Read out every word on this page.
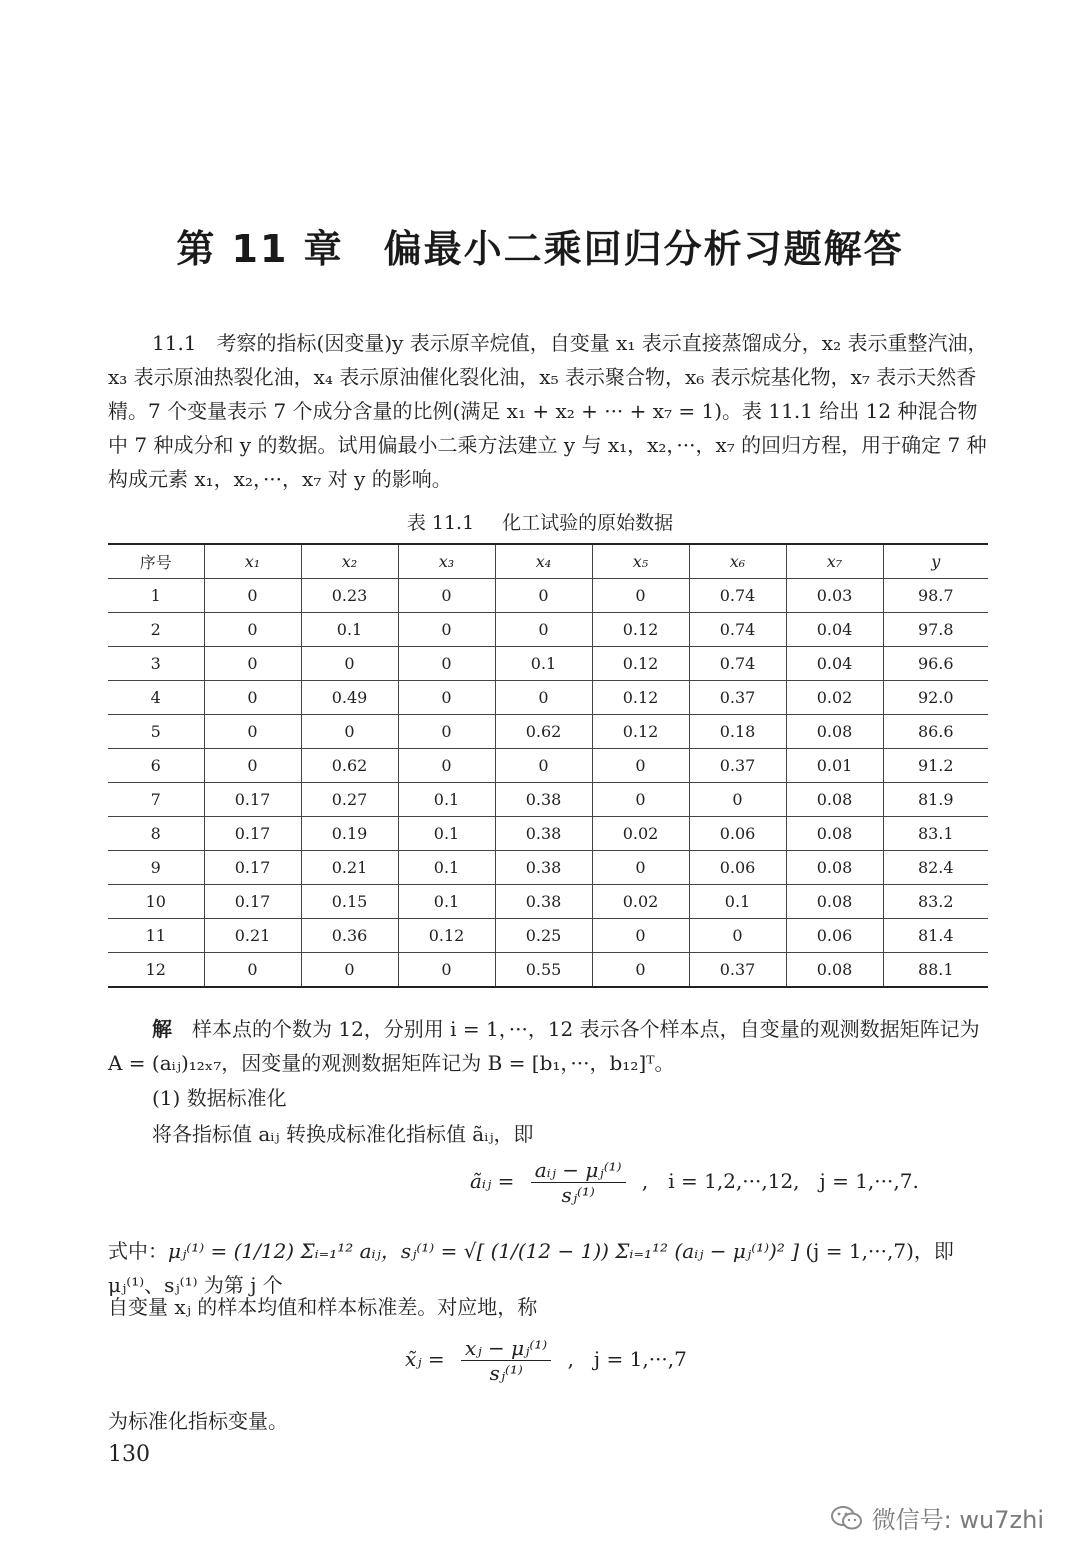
第 11 章 偏最小二乘回归分析习题解答
11.1　考察的指标(因变量)y 表示原辛烷值，自变量 x₁ 表示直接蒸馏成分，x₂ 表示重整汽油，x₃ 表示原油热裂化油，x₄ 表示原油催化裂化油，x₅ 表示聚合物，x₆ 表示烷基化物，x₇ 表示天然香精。7 个变量表示 7 个成分含量的比例(满足 x₁ + x₂ + ··· + x₇ = 1)。表 11.1 给出 12 种混合物中 7 种成分和 y 的数据。试用偏最小二乘方法建立 y 与 x₁，x₂，···，x₇ 的回归方程，用于确定 7 种构成元素 x₁，x₂，···，x₇ 对 y 的影响。
表 11.1 化工试验的原始数据
序号	x₁	x₂	x₃	x₄	x₅	x₆	x₇	y
1	0	0.23	0	0	0	0.74	0.03	98.7
2	0	0.1	0	0	0.12	0.74	0.04	97.8
3	0	0	0	0.1	0.12	0.74	0.04	96.6
4	0	0.49	0	0	0.12	0.37	0.02	92.0
5	0	0	0	0.62	0.12	0.18	0.08	86.6
6	0	0.62	0	0	0	0.37	0.01	91.2
7	0.17	0.27	0.1	0.38	0	0	0.08	81.9
8	0.17	0.19	0.1	0.38	0.02	0.06	0.08	83.1
9	0.17	0.21	0.1	0.38	0	0.06	0.08	82.4
10	0.17	0.15	0.1	0.38	0.02	0.1	0.08	83.2
11	0.21	0.36	0.12	0.25	0	0	0.06	81.4
12	0	0	0	0.55	0	0.37	0.08	88.1
解　 样本点的个数为 12，分别用 i = 1，···，12 表示各个样本点，自变量的观测数据矩阵记为 A = (aᵢⱼ)₁₂ₓ₇，因变量的观测数据矩阵记为 B = [b₁，···，b₁₂]ᵀ。
(1) 数据标准化
将各指标值 aᵢⱼ 转换成标准化指标值 ãᵢⱼ，即
ãᵢⱼ = $\frac{\text{aᵢⱼ − μⱼ⁽¹⁾}}{\text{sⱼ⁽¹⁾}}$ ,　i = 1,2,···,12,　j = 1,···,7.
式中：μⱼ⁽¹⁾ = (1/12) Σᵢ₌₁¹² aᵢⱼ，sⱼ⁽¹⁾ = √[ (1/(12 − 1)) Σᵢ₌₁¹² (aᵢⱼ − μⱼ⁽¹⁾)² ] (j = 1,···,7)，即 μⱼ⁽¹⁾、sⱼ⁽¹⁾ 为第 j 个
自变量 xⱼ 的样本均值和样本标准差。对应地，称
x̃ⱼ = $\frac{\text{xⱼ − μⱼ⁽¹⁾}}{\text{sⱼ⁽¹⁾}}$ ,　j = 1,···,7
为标准化指标变量。
130
微信号: wu7zhi
